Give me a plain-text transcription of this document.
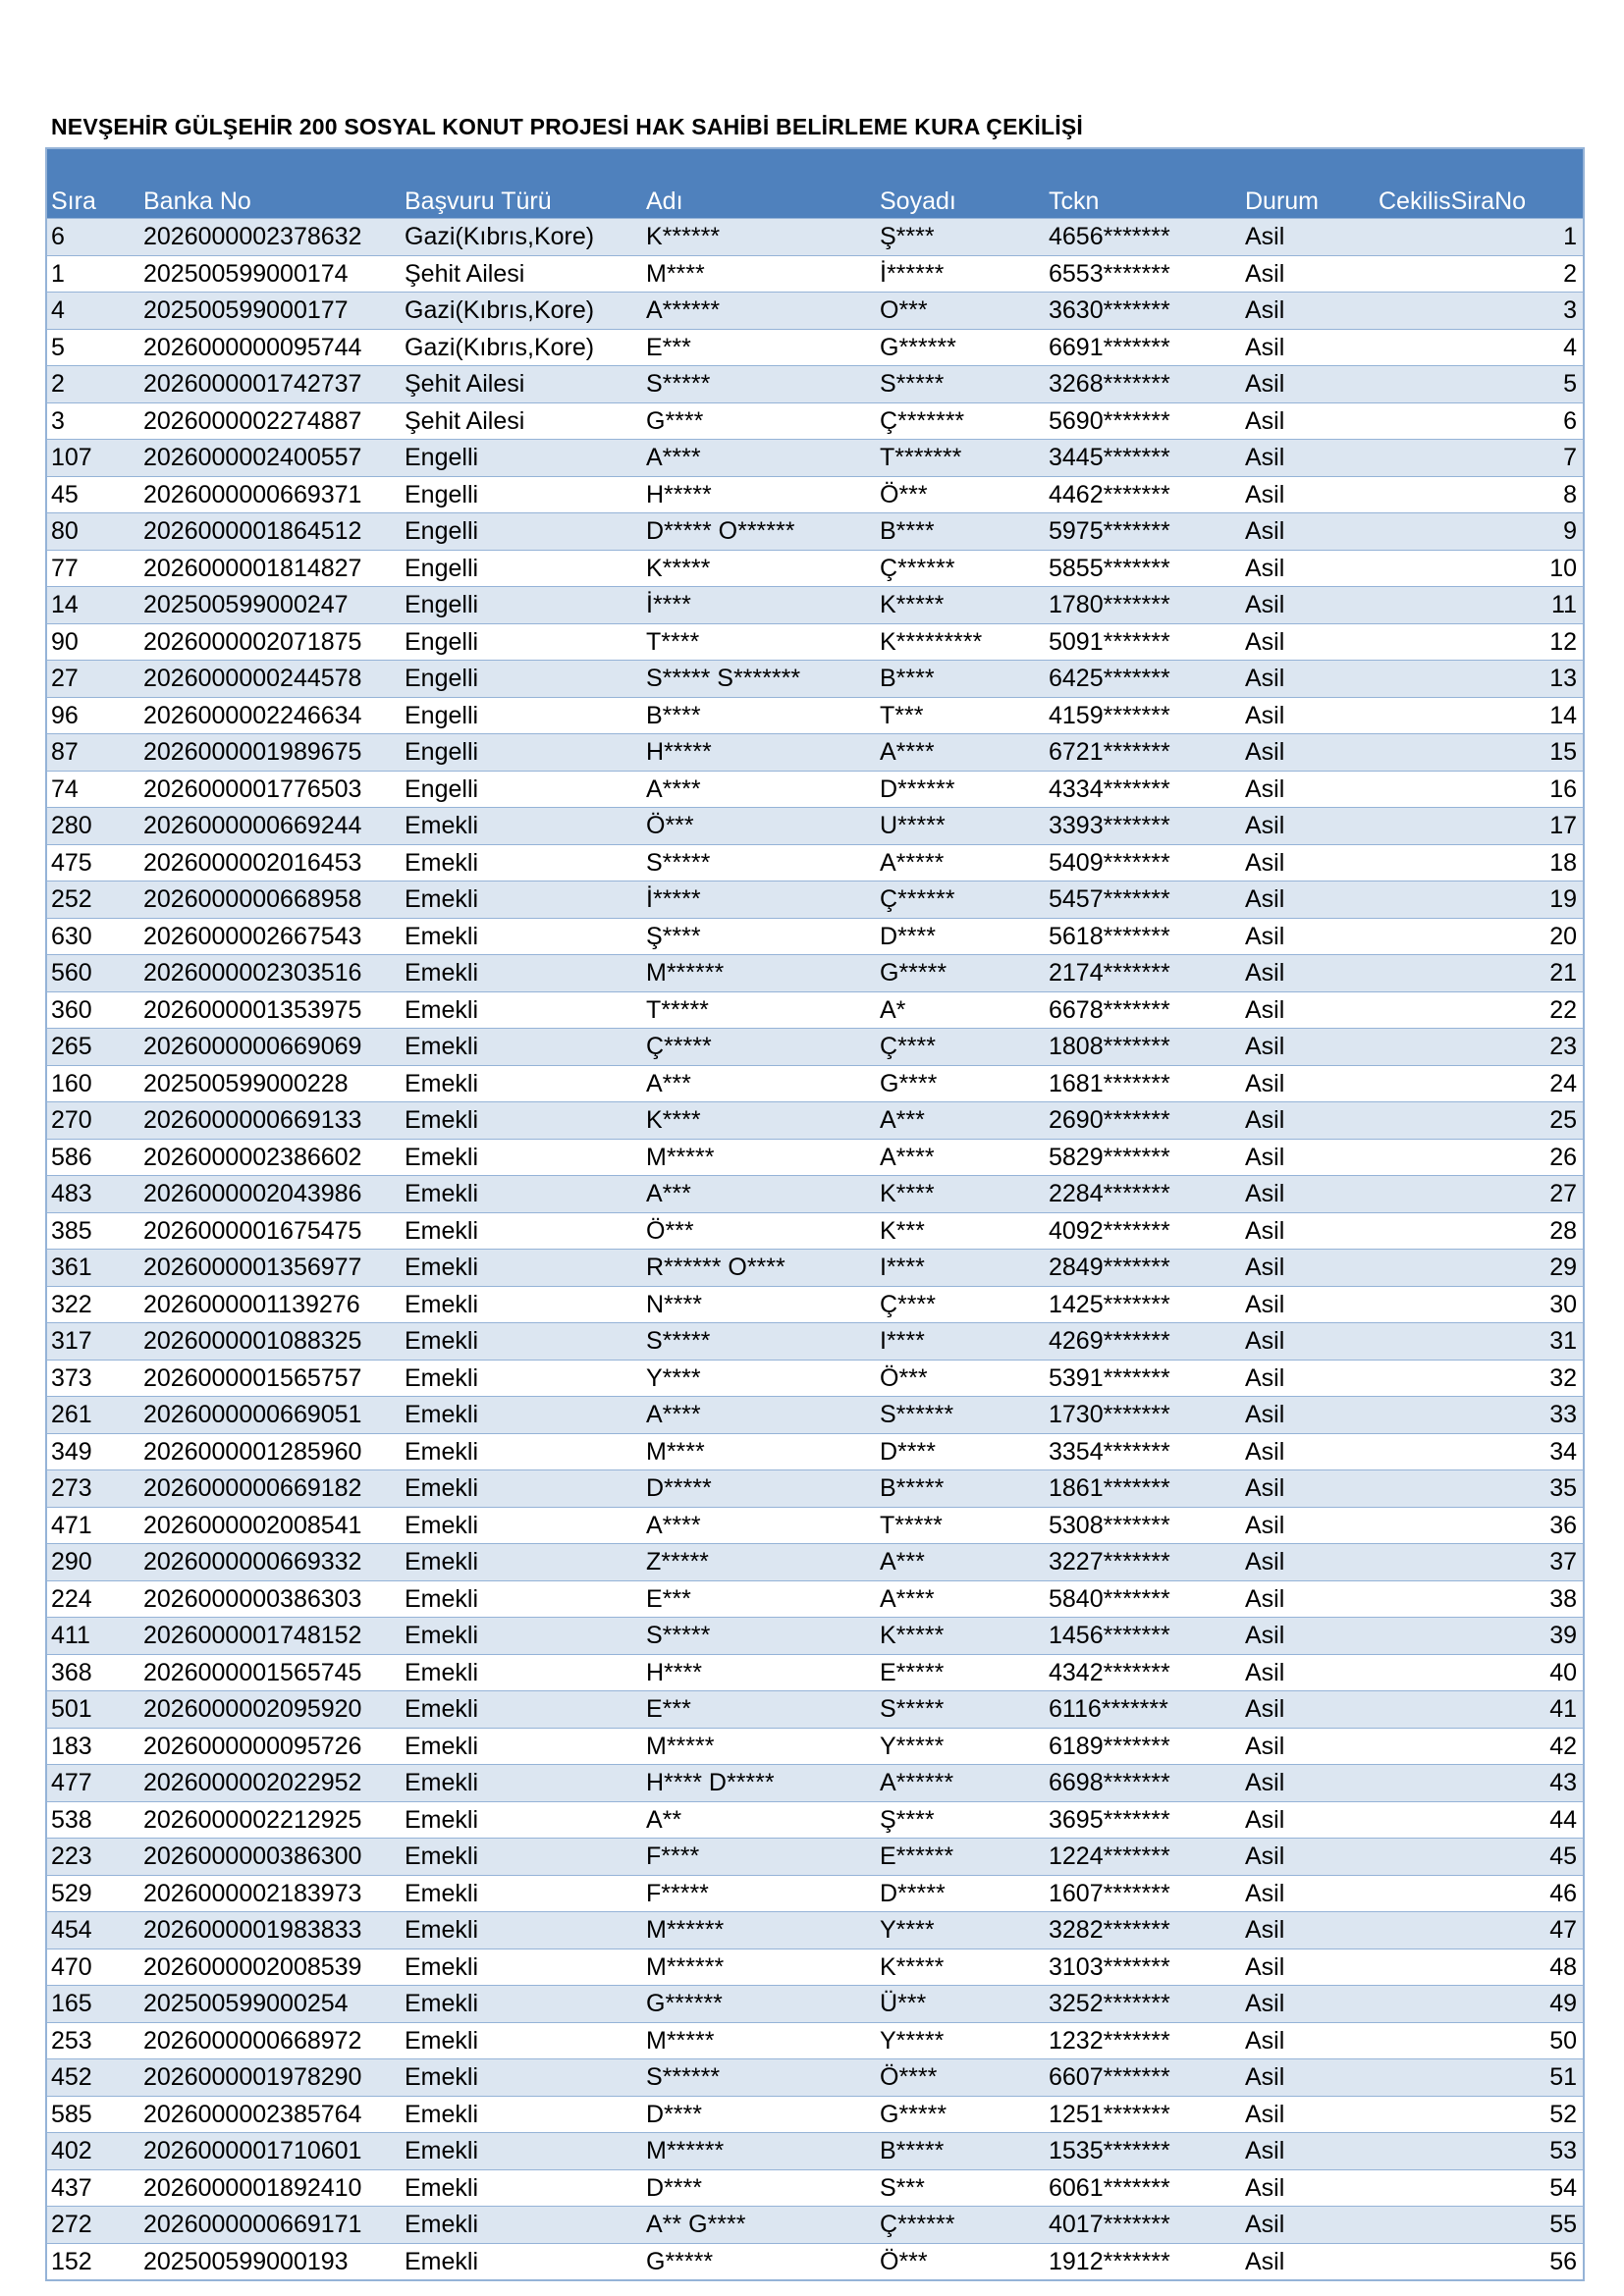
NEVŞEHİR GÜLŞEHİR 200 SOSYAL KONUT PROJESİ HAK SAHİBİ BELİRLEME KURA ÇEKİLİŞİ
Sıra	Banka No	Başvuru Türü	Adı	Soyadı	Tckn	Durum	CekilisSiraNo
6	2026000002378632	Gazi(Kıbrıs,Kore)	K******	Ş****	4656*******	Asil	1
1	202500599000174	Şehit Ailesi	M****	İ******	6553*******	Asil	2
4	202500599000177	Gazi(Kıbrıs,Kore)	A******	O***	3630*******	Asil	3
5	2026000000095744	Gazi(Kıbrıs,Kore)	E***	G******	6691*******	Asil	4
2	2026000001742737	Şehit Ailesi	S*****	S*****	3268*******	Asil	5
3	2026000002274887	Şehit Ailesi	G****	Ç*******	5690*******	Asil	6
107	2026000002400557	Engelli	A****	T*******	3445*******	Asil	7
45	2026000000669371	Engelli	H*****	Ö***	4462*******	Asil	8
80	2026000001864512	Engelli	D***** O******	B****	5975*******	Asil	9
77	2026000001814827	Engelli	K*****	Ç******	5855*******	Asil	10
14	202500599000247	Engelli	İ****	K*****	1780*******	Asil	11
90	2026000002071875	Engelli	T****	K*********	5091*******	Asil	12
27	2026000000244578	Engelli	S***** S*******	B****	6425*******	Asil	13
96	2026000002246634	Engelli	B****	T***	4159*******	Asil	14
87	2026000001989675	Engelli	H*****	A****	6721*******	Asil	15
74	2026000001776503	Engelli	A****	D******	4334*******	Asil	16
280	2026000000669244	Emekli	Ö***	U*****	3393*******	Asil	17
475	2026000002016453	Emekli	S*****	A*****	5409*******	Asil	18
252	2026000000668958	Emekli	İ*****	Ç******	5457*******	Asil	19
630	2026000002667543	Emekli	Ş****	D****	5618*******	Asil	20
560	2026000002303516	Emekli	M******	G*****	2174*******	Asil	21
360	2026000001353975	Emekli	T*****	A*	6678*******	Asil	22
265	2026000000669069	Emekli	Ç*****	Ç****	1808*******	Asil	23
160	202500599000228	Emekli	A***	G****	1681*******	Asil	24
270	2026000000669133	Emekli	K****	A***	2690*******	Asil	25
586	2026000002386602	Emekli	M*****	A****	5829*******	Asil	26
483	2026000002043986	Emekli	A***	K****	2284*******	Asil	27
385	2026000001675475	Emekli	Ö***	K***	4092*******	Asil	28
361	2026000001356977	Emekli	R****** O****	I****	2849*******	Asil	29
322	2026000001139276	Emekli	N****	Ç****	1425*******	Asil	30
317	2026000001088325	Emekli	S*****	I****	4269*******	Asil	31
373	2026000001565757	Emekli	Y****	Ö***	5391*******	Asil	32
261	2026000000669051	Emekli	A****	S******	1730*******	Asil	33
349	2026000001285960	Emekli	M****	D****	3354*******	Asil	34
273	2026000000669182	Emekli	D*****	B*****	1861*******	Asil	35
471	2026000002008541	Emekli	A****	T*****	5308*******	Asil	36
290	2026000000669332	Emekli	Z*****	A***	3227*******	Asil	37
224	2026000000386303	Emekli	E***	A****	5840*******	Asil	38
411	2026000001748152	Emekli	S*****	K*****	1456*******	Asil	39
368	2026000001565745	Emekli	H****	E*****	4342*******	Asil	40
501	2026000002095920	Emekli	E***	S*****	6116*******	Asil	41
183	2026000000095726	Emekli	M*****	Y*****	6189*******	Asil	42
477	2026000002022952	Emekli	H**** D*****	A******	6698*******	Asil	43
538	2026000002212925	Emekli	A**	Ş****	3695*******	Asil	44
223	2026000000386300	Emekli	F****	E******	1224*******	Asil	45
529	2026000002183973	Emekli	F*****	D*****	1607*******	Asil	46
454	2026000001983833	Emekli	M******	Y****	3282*******	Asil	47
470	2026000002008539	Emekli	M******	K*****	3103*******	Asil	48
165	202500599000254	Emekli	G******	Ü***	3252*******	Asil	49
253	2026000000668972	Emekli	M*****	Y*****	1232*******	Asil	50
452	2026000001978290	Emekli	S******	Ö****	6607*******	Asil	51
585	2026000002385764	Emekli	D****	G*****	1251*******	Asil	52
402	2026000001710601	Emekli	M******	B*****	1535*******	Asil	53
437	2026000001892410	Emekli	D****	S***	6061*******	Asil	54
272	2026000000669171	Emekli	A** G****	Ç******	4017*******	Asil	55
152	202500599000193	Emekli	G*****	Ö***	1912*******	Asil	56
